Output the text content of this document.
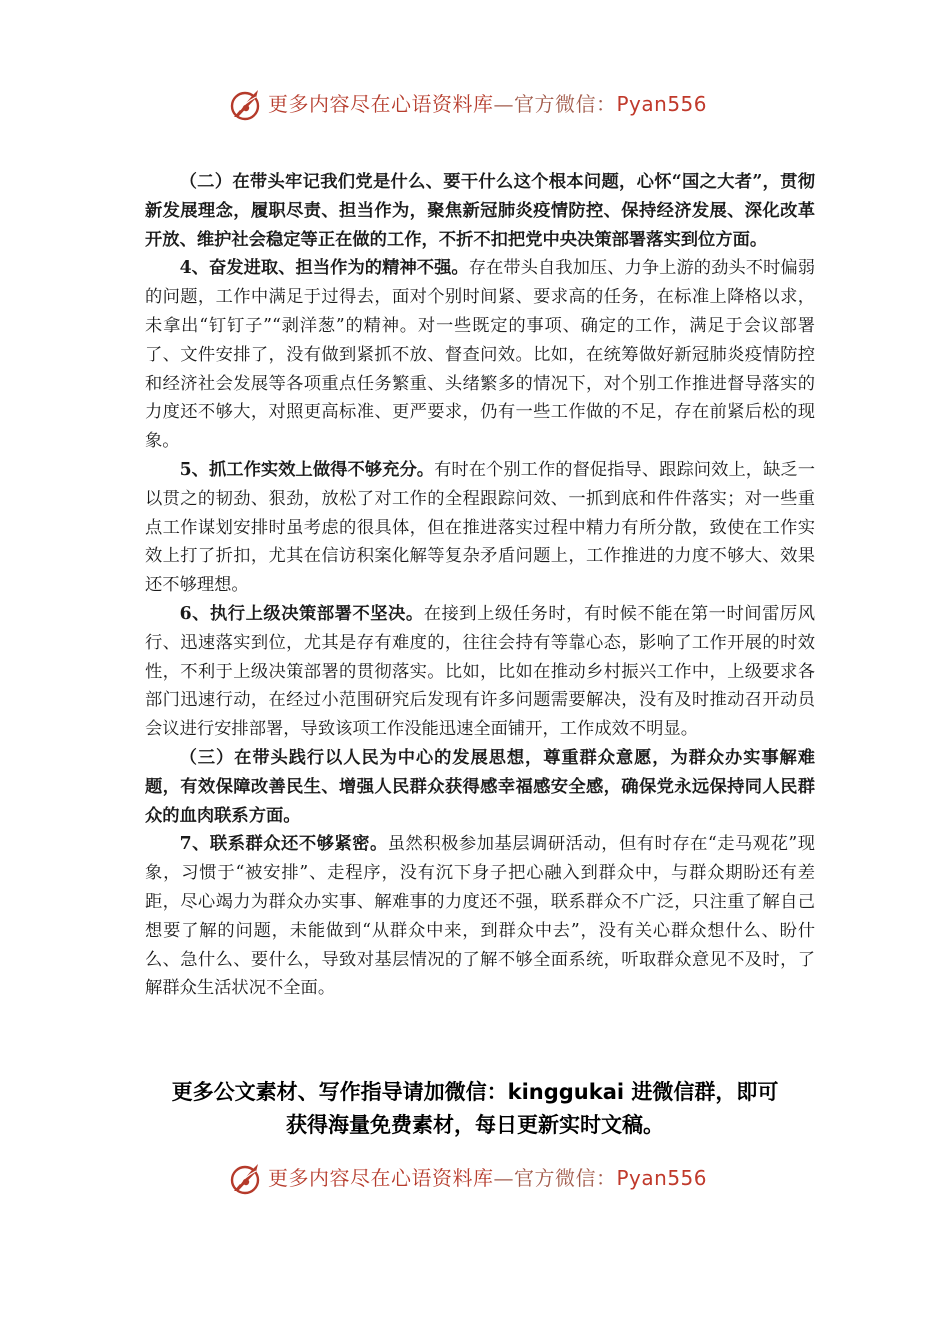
更多内容尽在心语资料库—官方微信：Pyan556

（二）在带头牢记我们党是什么、要干什么这个根本问题，心怀“国之大者”，贯彻新发展理念，履职尽责、担当作为，聚焦新冠肺炎疫情防控、保持经济发展、深化改革开放、维护社会稳定等正在做的工作，不折不扣把党中央决策部署落实到位方面。

4、奋发进取、担当作为的精神不强。存在带头自我加压、力争上游的劲头不时偏弱的问题，工作中满足于过得去，面对个别时间紧、要求高的任务，在标准上降格以求，未拿出“钉钉子”“剥洋葱”的精神。对一些既定的事项、确定的工作，满足于会议部署了、文件安排了，没有做到紧抓不放、督查问效。比如，在统筹做好新冠肺炎疫情防控和经济社会发展等各项重点任务繁重、头绪繁多的情况下，对个别工作推进督导落实的力度还不够大，对照更高标准、更严要求，仍有一些工作做的不足，存在前紧后松的现象。

5、抓工作实效上做得不够充分。有时在个别工作的督促指导、跟踪问效上，缺乏一以贯之的韧劲、狠劲，放松了对工作的全程跟踪问效、一抓到底和件件落实；对一些重点工作谋划安排时虽考虑的很具体，但在推进落实过程中精力有所分散，致使在工作实效上打了折扣，尤其在信访积案化解等复杂矛盾问题上，工作推进的力度不够大、效果还不够理想。

6、执行上级决策部署不坚决。在接到上级任务时，有时候不能在第一时间雷厉风行、迅速落实到位，尤其是存有难度的，往往会持有等靠心态，影响了工作开展的时效性，不利于上级决策部署的贯彻落实。比如，比如在推动乡村振兴工作中，上级要求各部门迅速行动，在经过小范围研究后发现有许多问题需要解决，没有及时推动召开动员会议进行安排部署，导致该项工作没能迅速全面铺开，工作成效不明显。

（三）在带头践行以人民为中心的发展思想，尊重群众意愿，为群众办实事解难题，有效保障改善民生、增强人民群众获得感幸福感安全感，确保党永远保持同人民群众的血肉联系方面。

7、联系群众还不够紧密。虽然积极参加基层调研活动，但有时存在“走马观花”现象，习惯于“被安排”、走程序，没有沉下身子把心融入到群众中，与群众期盼还有差距，尽心竭力为群众办实事、解难事的力度还不强，联系群众不广泛，只注重了解自己想要了解的问题，未能做到“从群众中来，到群众中去”，没有关心群众想什么、盼什么、急什么、要什么，导致对基层情况的了解不够全面系统，听取群众意见不及时，了解群众生活状况不全面。

更多公文素材、写作指导请加微信：kinggukai 进微信群，即可
获得海量免费素材，每日更新实时文稿。
更多内容尽在心语资料库—官方微信：Pyan556
